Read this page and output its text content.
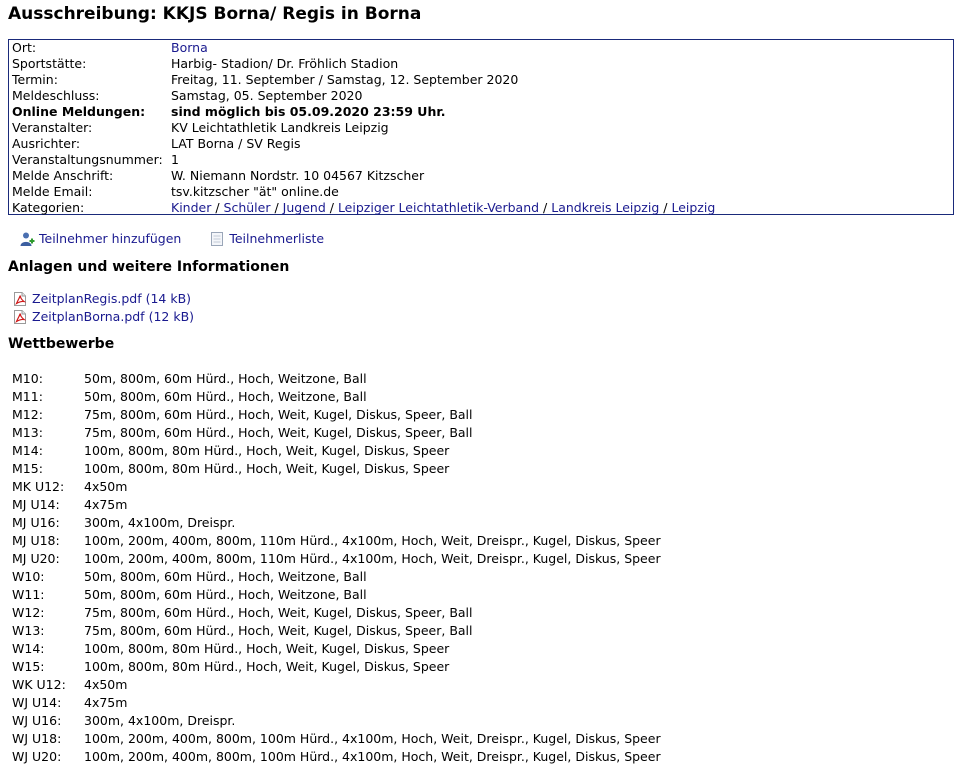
Ausschreibung: KKJS Borna/ Regis in Borna
Ort:	Borna
Sportstätte:	Harbig- Stadion/ Dr. Fröhlich Stadion
Termin:	Freitag, 11. September / Samstag, 12. September 2020
Meldeschluss:	Samstag, 05. September 2020
Online Meldungen:	sind möglich bis 05.09.2020 23:59 Uhr.
Veranstalter:	KV Leichtathletik Landkreis Leipzig
Ausrichter:	LAT Borna / SV Regis
Veranstaltungsnummer: 1
Melde Anschrift:	W. Niemann Nordstr. 10 04567 Kitzscher
Melde Email:	tsv.kitzscher "ät" online.de
Kategorien:	Kinder / Schüler / Jugend / Leipziger Leichtathletik-Verband / Landkreis Leipzig / Leipzig
Teilnehmer hinzufügen	Teilnehmerliste
Anlagen und weitere Informationen
ZeitplanRegis.pdf (14 kB)
ZeitplanBorna.pdf (12 kB)
Wettbewerbe
M10:	50m, 800m, 60m Hürd., Hoch, Weitzone, Ball
M11:	50m, 800m, 60m Hürd., Hoch, Weitzone, Ball
M12:	75m, 800m, 60m Hürd., Hoch, Weit, Kugel, Diskus, Speer, Ball
M13:	75m, 800m, 60m Hürd., Hoch, Weit, Kugel, Diskus, Speer, Ball
M14:	100m, 800m, 80m Hürd., Hoch, Weit, Kugel, Diskus, Speer
M15:	100m, 800m, 80m Hürd., Hoch, Weit, Kugel, Diskus, Speer
MK U12:	4x50m
MJ U14:	4x75m
MJ U16:	300m, 4x100m, Dreispr.
MJ U18:	100m, 200m, 400m, 800m, 110m Hürd., 4x100m, Hoch, Weit, Dreispr., Kugel, Diskus, Speer
MJ U20:	100m, 200m, 400m, 800m, 110m Hürd., 4x100m, Hoch, Weit, Dreispr., Kugel, Diskus, Speer
W10:	50m, 800m, 60m Hürd., Hoch, Weitzone, Ball
W11:	50m, 800m, 60m Hürd., Hoch, Weitzone, Ball
W12:	75m, 800m, 60m Hürd., Hoch, Weit, Kugel, Diskus, Speer, Ball
W13:	75m, 800m, 60m Hürd., Hoch, Weit, Kugel, Diskus, Speer, Ball
W14:	100m, 800m, 80m Hürd., Hoch, Weit, Kugel, Diskus, Speer
W15:	100m, 800m, 80m Hürd., Hoch, Weit, Kugel, Diskus, Speer
WK U12:	4x50m
WJ U14:	4x75m
WJ U16:	300m, 4x100m, Dreispr.
WJ U18:	100m, 200m, 400m, 800m, 100m Hürd., 4x100m, Hoch, Weit, Dreispr., Kugel, Diskus, Speer
WJ U20:	100m, 200m, 400m, 800m, 100m Hürd., 4x100m, Hoch, Weit, Dreispr., Kugel, Diskus, Speer
